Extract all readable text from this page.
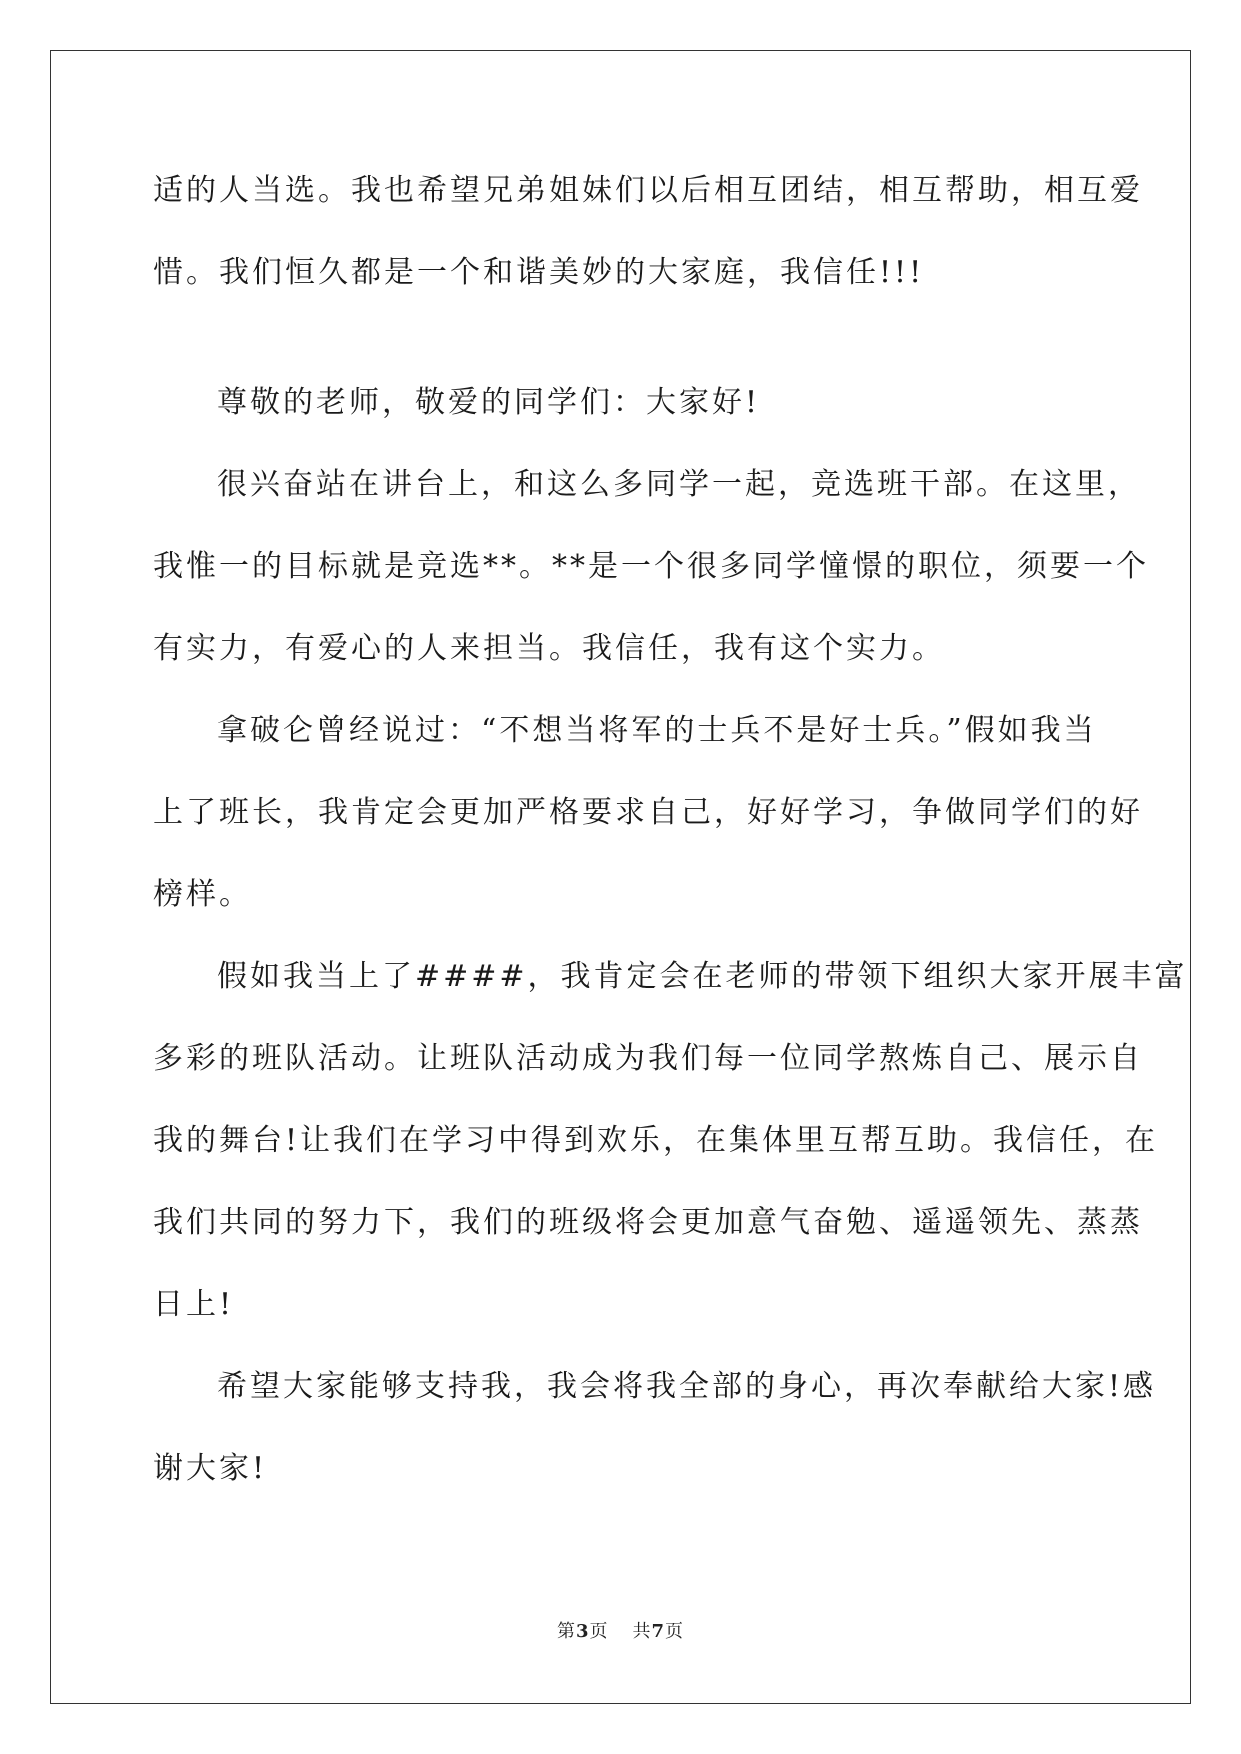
适的人当选。我也希望兄弟姐妹们以后相互团结，相互帮助，相互爱
惜。我们恒久都是一个和谐美妙的大家庭，我信任!!!
尊敬的老师，敬爱的同学们：大家好!
很兴奋站在讲台上，和这么多同学一起，竞选班干部。在这里，
我惟一的目标就是竞选**。**是一个很多同学憧憬的职位，须要一个
有实力，有爱心的人来担当。我信任，我有这个实力。
拿破仑曾经说过：“不想当将军的士兵不是好士兵。”假如我当
上了班长，我肯定会更加严格要求自己，好好学习，争做同学们的好
榜样。
假如我当上了####，我肯定会在老师的带领下组织大家开展丰富
多彩的班队活动。让班队活动成为我们每一位同学熬炼自己、展示自
我的舞台!让我们在学习中得到欢乐，在集体里互帮互助。我信任，在
我们共同的努力下，我们的班级将会更加意气奋勉、遥遥领先、蒸蒸
日上!
希望大家能够支持我，我会将我全部的身心，再次奉献给大家!感
谢大家!
第3页 共7页
